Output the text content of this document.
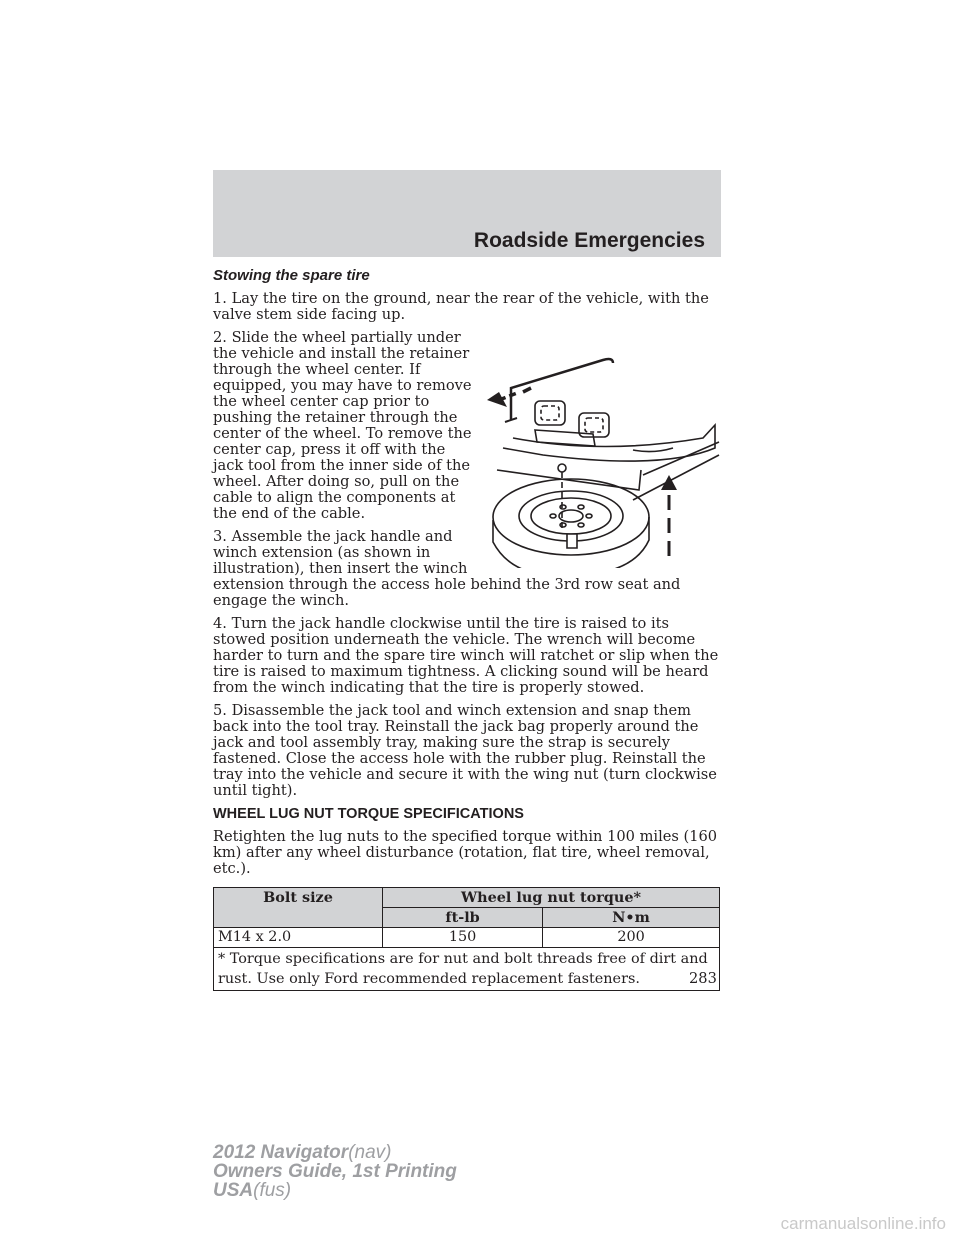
Roadside Emergencies

Stowing the spare tire

1. Lay the tire on the ground, near the rear of the vehicle, with the valve stem side facing up.

2. Slide the wheel partially under the vehicle and install the retainer through the wheel center. If equipped, you may have to remove the wheel center cap prior to pushing the retainer through the center of the wheel. To remove the center cap, press it off with the jack tool from the inner side of the wheel. After doing so, pull on the cable to align the components at the end of the cable.

3. Assemble the jack handle and winch extension (as shown in illustration), then insert the winch extension through the access hole behind the 3rd row seat and engage the winch.

4. Turn the jack handle clockwise until the tire is raised to its stowed position underneath the vehicle. The wrench will become harder to turn and the spare tire winch will ratchet or slip when the tire is raised to maximum tightness. A clicking sound will be heard from the winch indicating that the tire is properly stowed.

5. Disassemble the jack tool and winch extension and snap them back into the tool tray. Reinstall the jack bag properly around the jack and tool assembly tray, making sure the strap is securely fastened. Close the access hole with the rubber plug. Reinstall the tray into the vehicle and secure it with the wing nut (turn clockwise until tight).

WHEEL LUG NUT TORQUE SPECIFICATIONS

Retighten the lug nuts to the specified torque within 100 miles (160 km) after any wheel disturbance (rotation, flat tire, wheel removal, etc.).

Bolt size	Wheel lug nut torque*	
	ft-lb	N•m
M14 x 2.0	150	200
* Torque specifications are for nut and bolt threads free of dirt and rust. Use only Ford recommended replacement fasteners.			283
2012 Navigator(nav)
Owners Guide, 1st Printing
USA(fus)
carmanualsonline.info
